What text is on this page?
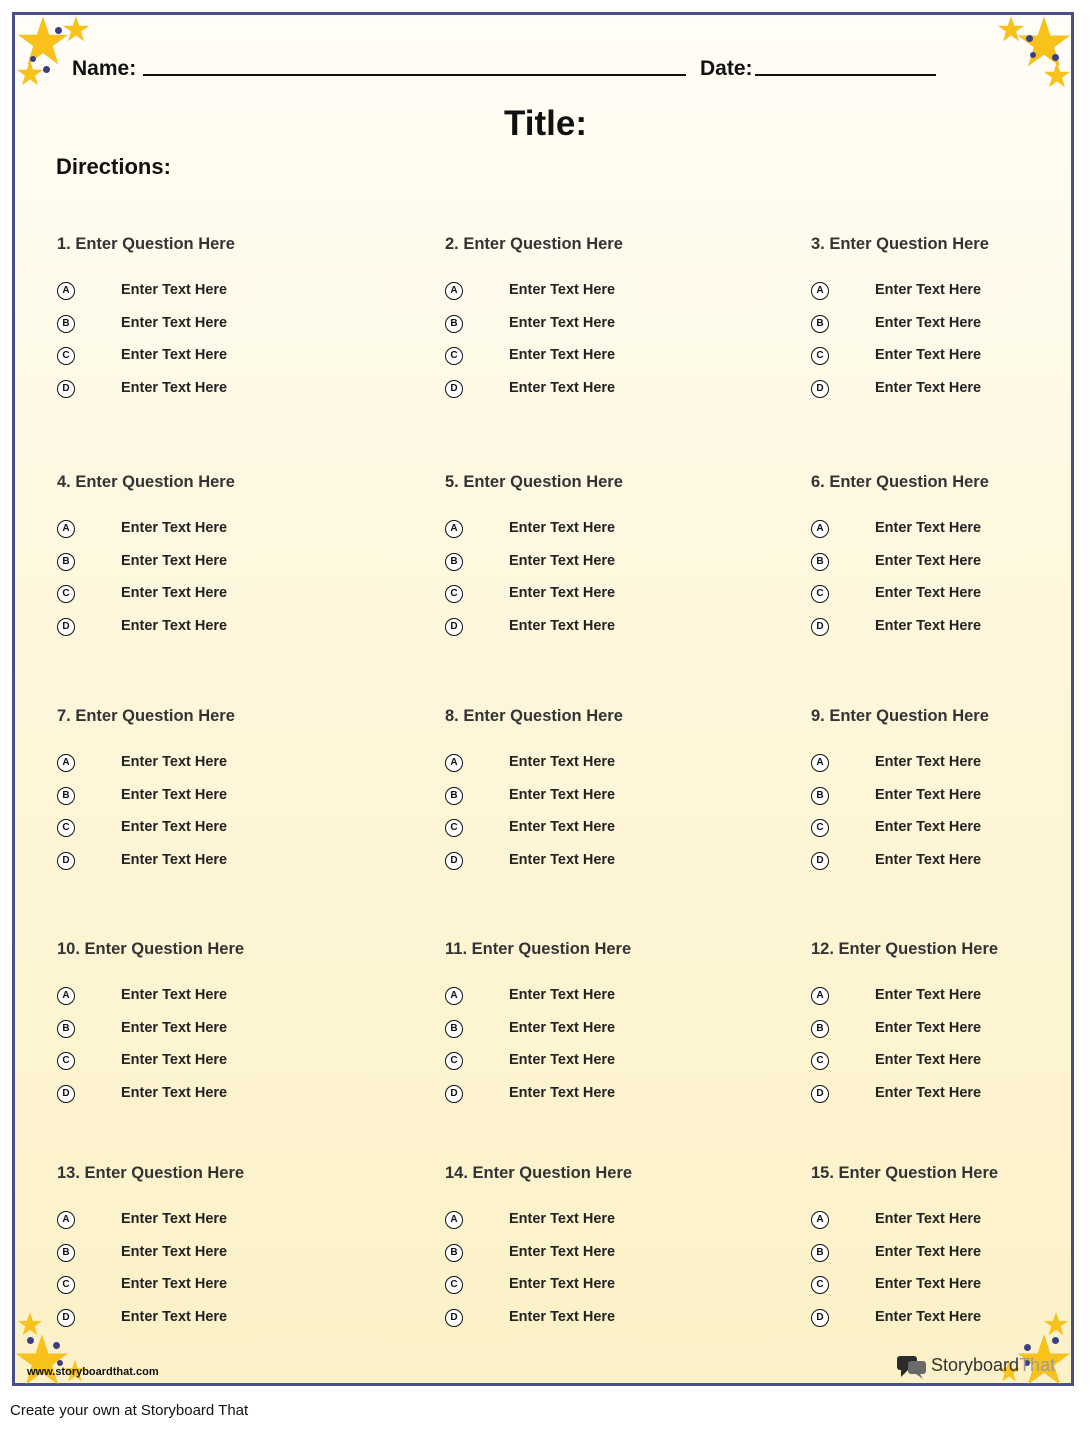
Name:	Date:
Title:
Directions:
1. Enter Question Here
A	Enter Text Here
B	Enter Text Here
C	Enter Text Here
D	Enter Text Here
2. Enter Question Here
A	Enter Text Here
B	Enter Text Here
C	Enter Text Here
D	Enter Text Here
3. Enter Question Here
A	Enter Text Here
B	Enter Text Here
C	Enter Text Here
D	Enter Text Here
4. Enter Question Here
A	Enter Text Here
B	Enter Text Here
C	Enter Text Here
D	Enter Text Here
5. Enter Question Here
A	Enter Text Here
B	Enter Text Here
C	Enter Text Here
D	Enter Text Here
6. Enter Question Here
A	Enter Text Here
B	Enter Text Here
C	Enter Text Here
D	Enter Text Here
7. Enter Question Here
A	Enter Text Here
B	Enter Text Here
C	Enter Text Here
D	Enter Text Here
8. Enter Question Here
A	Enter Text Here
B	Enter Text Here
C	Enter Text Here
D	Enter Text Here
9. Enter Question Here
A	Enter Text Here
B	Enter Text Here
C	Enter Text Here
D	Enter Text Here
10. Enter Question Here
A	Enter Text Here
B	Enter Text Here
C	Enter Text Here
D	Enter Text Here
11. Enter Question Here
A	Enter Text Here
B	Enter Text Here
C	Enter Text Here
D	Enter Text Here
12. Enter Question Here
A	Enter Text Here
B	Enter Text Here
C	Enter Text Here
D	Enter Text Here
13. Enter Question Here
A	Enter Text Here
B	Enter Text Here
C	Enter Text Here
D	Enter Text Here
14. Enter Question Here
A	Enter Text Here
B	Enter Text Here
C	Enter Text Here
D	Enter Text Here
15. Enter Question Here
A	Enter Text Here
B	Enter Text Here
C	Enter Text Here
D	Enter Text Here
www.storyboardthat.com	StoryboardThat
Create your own at Storyboard That
